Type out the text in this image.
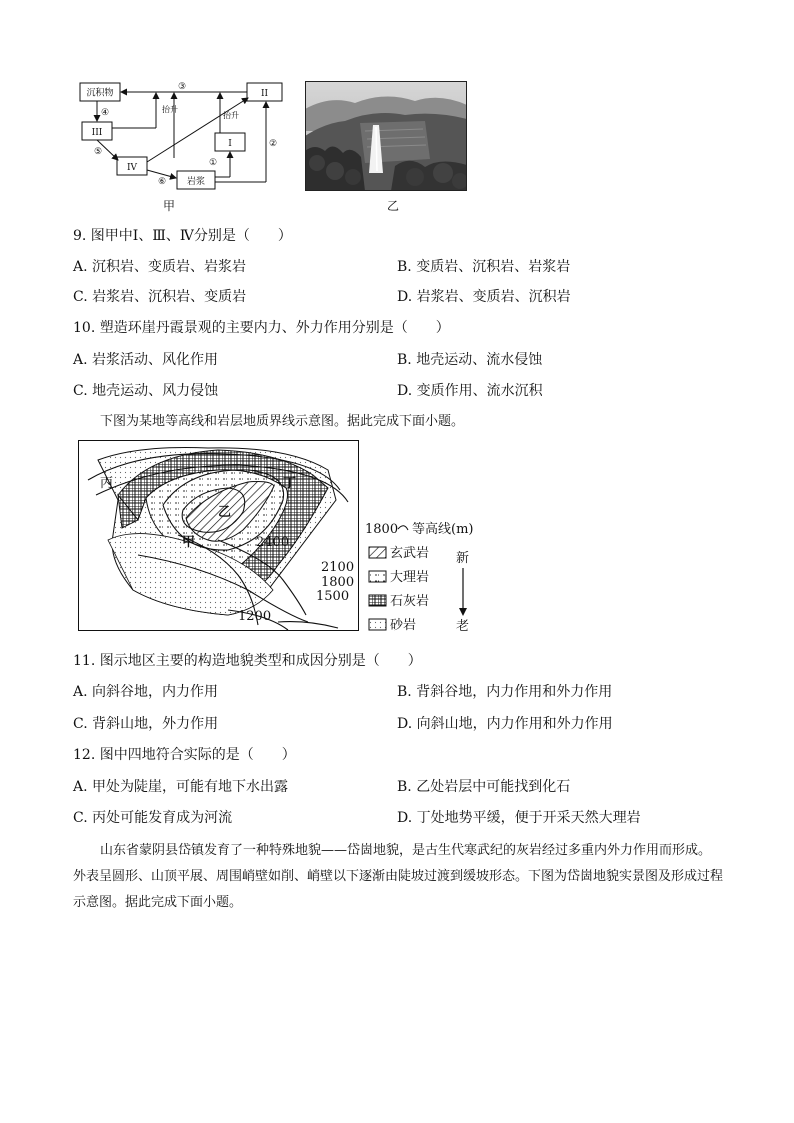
沉积物	II
III
I
IV
岩浆
③
④
⑤
⑥
①
②
抬升
抬升
甲	乙
9. 图甲中Ⅰ、Ⅲ、Ⅳ分别是（　　）
A. 沉积岩、变质岩、岩浆岩	B. 变质岩、沉积岩、岩浆岩
C. 岩浆岩、沉积岩、变质岩	D. 岩浆岩、变质岩、沉积岩
10. 塑造环崖丹霞景观的主要内力、外力作用分别是（　　）
A. 岩浆活动、风化作用	B. 地壳运动、流水侵蚀
C. 地壳运动、风力侵蚀	D. 变质作用、流水沉积
下图为某地等高线和岩层地质界线示意图。据此完成下面小题。
丙	丁
乙
甲	2400
2100
1800
1500
1200
1800 等高线(m)
玄武岩
大理岩
石灰岩
砂岩
新
老
11. 图示地区主要的构造地貌类型和成因分别是（　　）
A. 向斜谷地，内力作用	B. 背斜谷地，内力作用和外力作用
C. 背斜山地，外力作用	D. 向斜山地，内力作用和外力作用
12. 图中四地符合实际的是（　　）
A. 甲处为陡崖，可能有地下水出露	B. 乙处岩层中可能找到化石
C. 丙处可能发育成为河流	D. 丁处地势平缓，便于开采天然大理岩
山东省蒙阴县岱镇发育了一种特殊地貌——岱崮地貌，是古生代寒武纪的灰岩经过多重内外力作用而形成。外表呈圆形、山顶平展、周围峭壁如削、峭壁以下逐渐由陡坡过渡到缓坡形态。下图为岱崮地貌实景图及形成过程示意图。据此完成下面小题。
